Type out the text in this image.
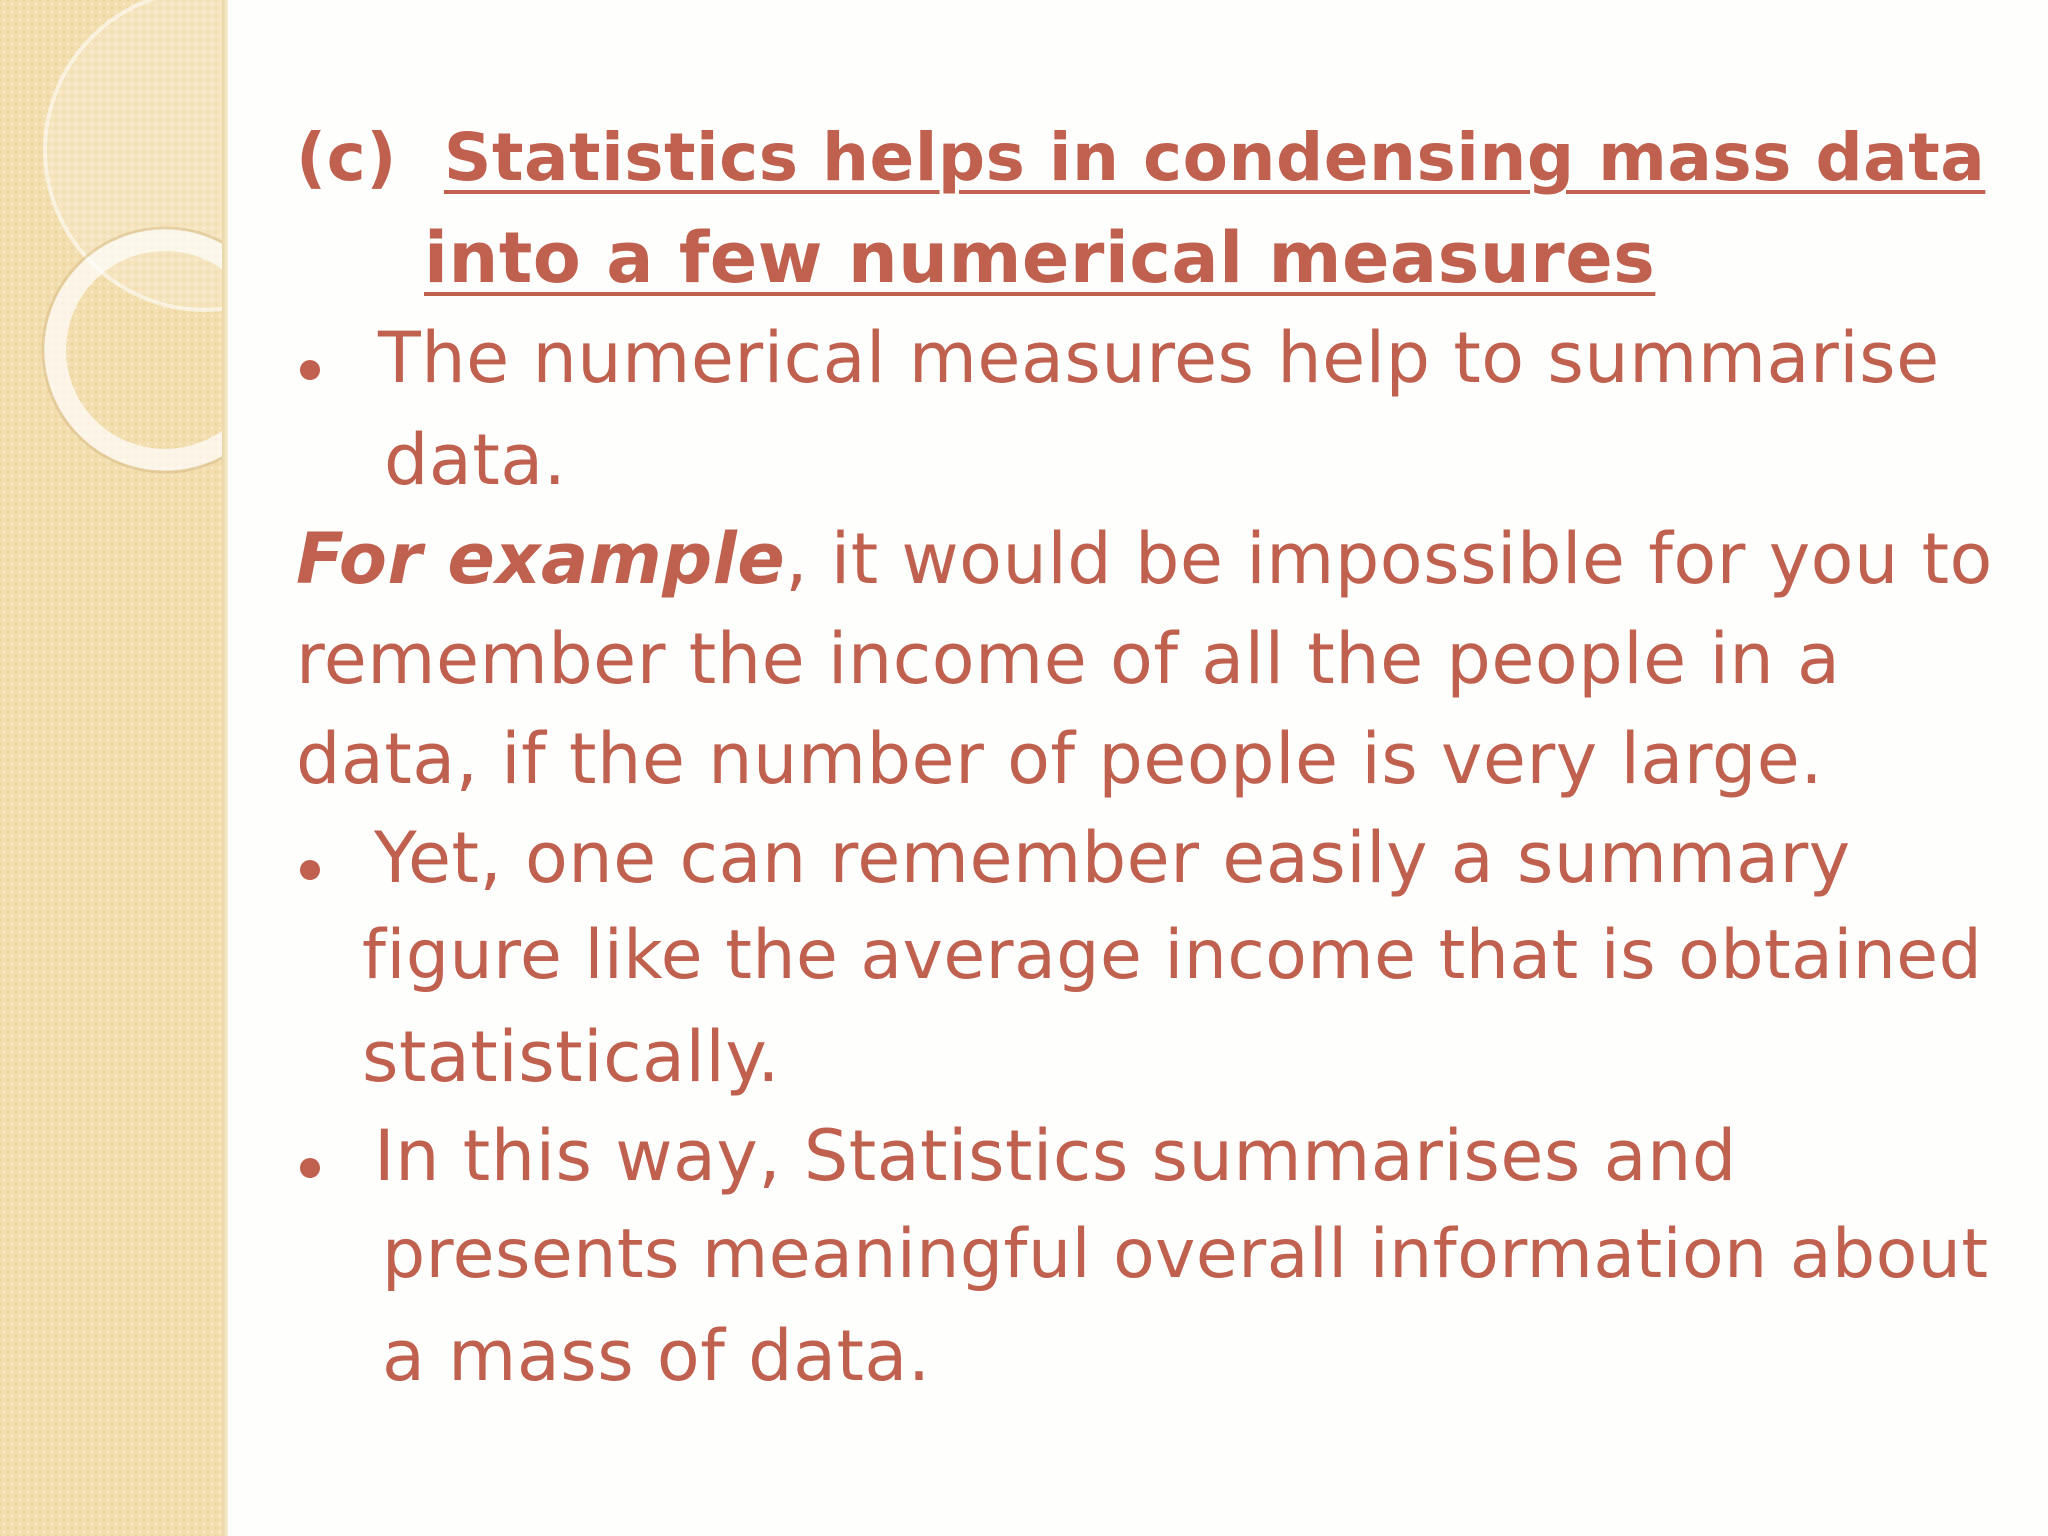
(c) Statistics helps in condensing mass data
into a few numerical measures
The numerical measures help to summarise
data.
For example, it would be impossible for you to
remember the income of all the people in a
data, if the number of people is very large.
Yet, one can remember easily a summary
figure like the average income that is obtained
statistically.
In this way, Statistics summarises and
presents meaningful overall information about
a mass of data.
